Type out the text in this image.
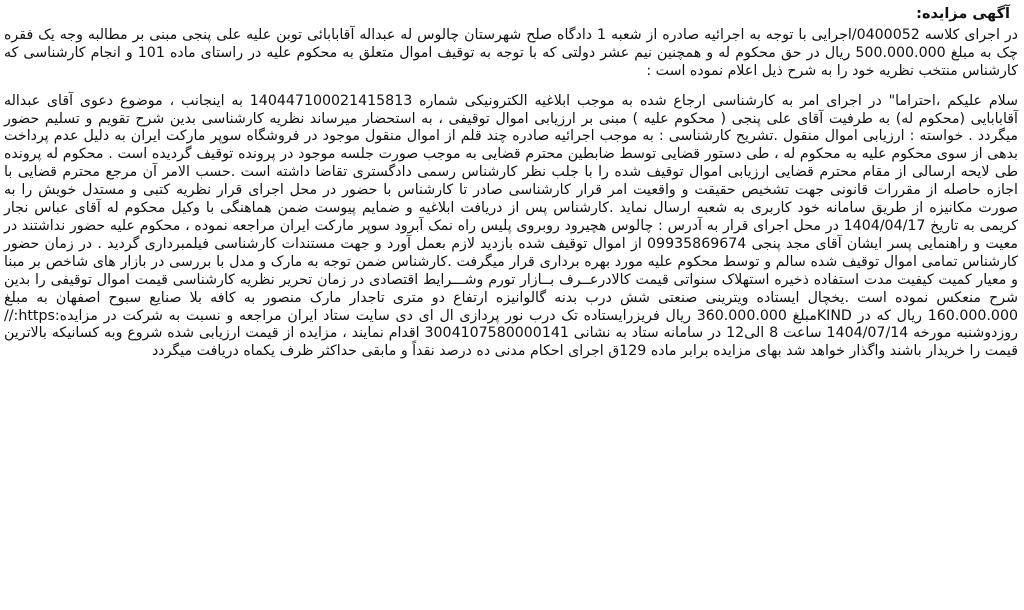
آگهی مزایده:

در اجرای کلاسه 0400052/اجرایی با توجه به اجرائیه صادره از شعبه 1 دادگاه صلح شهرستان چالوس له عبداله آقابابائی توبن علیه علی پنجی مبنی بر مطالبه وجه یک فقره چک به مبلغ 500.000.000 ریال در حق محکوم له و همچنین نیم عشر دولتی که با توجه به توقیف اموال متعلق به محکوم علیه در راستای ماده 101 و انجام کارشناسی که کارشناس منتخب نظریه خود را به شرح ذیل اعلام نموده است :

سلام علیکم ،احتراما" در اجرای امر به کارشناسی ارجاع شده به موجب ابلاغیه الکترونیکی شماره 140447100021415813 به اینجانب ، موضوع دعوی آقای عبداله آقابابایی (محکوم له) به طرفیت آقای علی پنجی ( محکوم علیه ) مبنی بر ارزیابی اموال توقیفی ، به استحضار میرساند نظریه کارشناسی بدین شرح تقویم و تسلیم حضور میگردد . خواسته : ارزیابی اموال منقول .تشریح کارشناسی : به موجب اجرائیه صادره چند قلم از اموال منقول موجود در فروشگاه سوپر مارکت ایران به دلیل عدم پرداخت بدهی از سوی محکوم علیه به محکوم له ، طی دستور قضایی توسط ضابطین محترم قضایی به موجب صورت جلسه موجود در پرونده توقیف گردیده است . محکوم له پرونده طی لایحه ارسالی از مقام محترم قضایی ارزیابی اموال توقیف شده را با جلب نظر کارشناس رسمی دادگستری تقاضا داشته است .حسب الامر آن مرجع محترم قضایی با اجازه حاصله از مقررات قانونی جهت تشخیص حقیقت و واقعیت امر قرار کارشناسی صادر تا کارشناس با حضور در محل اجرای قرار نظریه کتبی و مستدل خویش را به صورت مکانیزه از طریق سامانه خود کاربری به شعبه ارسال نماید .کارشناس پس از دریافت ابلاغیه و ضمایم پیوست ضمن هماهنگی با وکیل محکوم له آقای عباس نجار کریمی به تاریخ 1404/04/17 در محل اجرای قرار به آدرس : چالوس هچیرود روبروی پلیس راه نمک آبرود سوپر مارکت ایران مراجعه نموده ، محکوم علیه حضور نداشتند در معیت و راهنمایی پسر ایشان آقای مجد پنجی 09935869674 از اموال توقیف شده بازدید لازم بعمل آورد و جهت مستندات کارشناسی فیلمبرداری گردید . در زمان حضور کارشناس تمامی اموال توقیف شده سالم و توسط محکوم علیه مورد بهره برداری قرار میگرفت .کارشناس ضمن توجه به مارک و مدل با بررسی در بازار های شاخص بر مبنا و معیار کمیت کیفیت مدت استفاده ذخیره استهلاک سنواتی قیمت کالادرعــرف بــازار تورم وشـــرایط اقتصادی در زمان تحریر نظریه کارشناسی قیمت اموال توقیفی را بدین شرح منعکس نموده است .یخچال ایستاده ویترینی صنعتی شش درب بدنه گالوانیزه ارتفاع دو متری تاجدار مارک منصور به کافه بلا صنایع سبوح اصفهان به مبلغ 160.000.000 ریال که در KINDمبلغ 360.000.000 ریال فریزرایستاده تک درب نور پردازی ال ای دی سایت ستاد ایران مراجعه و نسبت به شرکت در مزایده:https://روزدوشنبه مورخه 1404/07/14 ساعت 8 الی12 در سامانه ستاد به نشانی 3004107580000141 اقدام نمایند ، مزایده از قیمت ارزیابی شده شروع وبه کسانیکه بالاترین قیمت را خریدار باشند واگذار خواهد شد بهای مزایده برابر ماده 129ق اجرای احکام مدنی ده درصد نقداً و مابقی حداکثر ظرف یکماه دریافت میگردد
